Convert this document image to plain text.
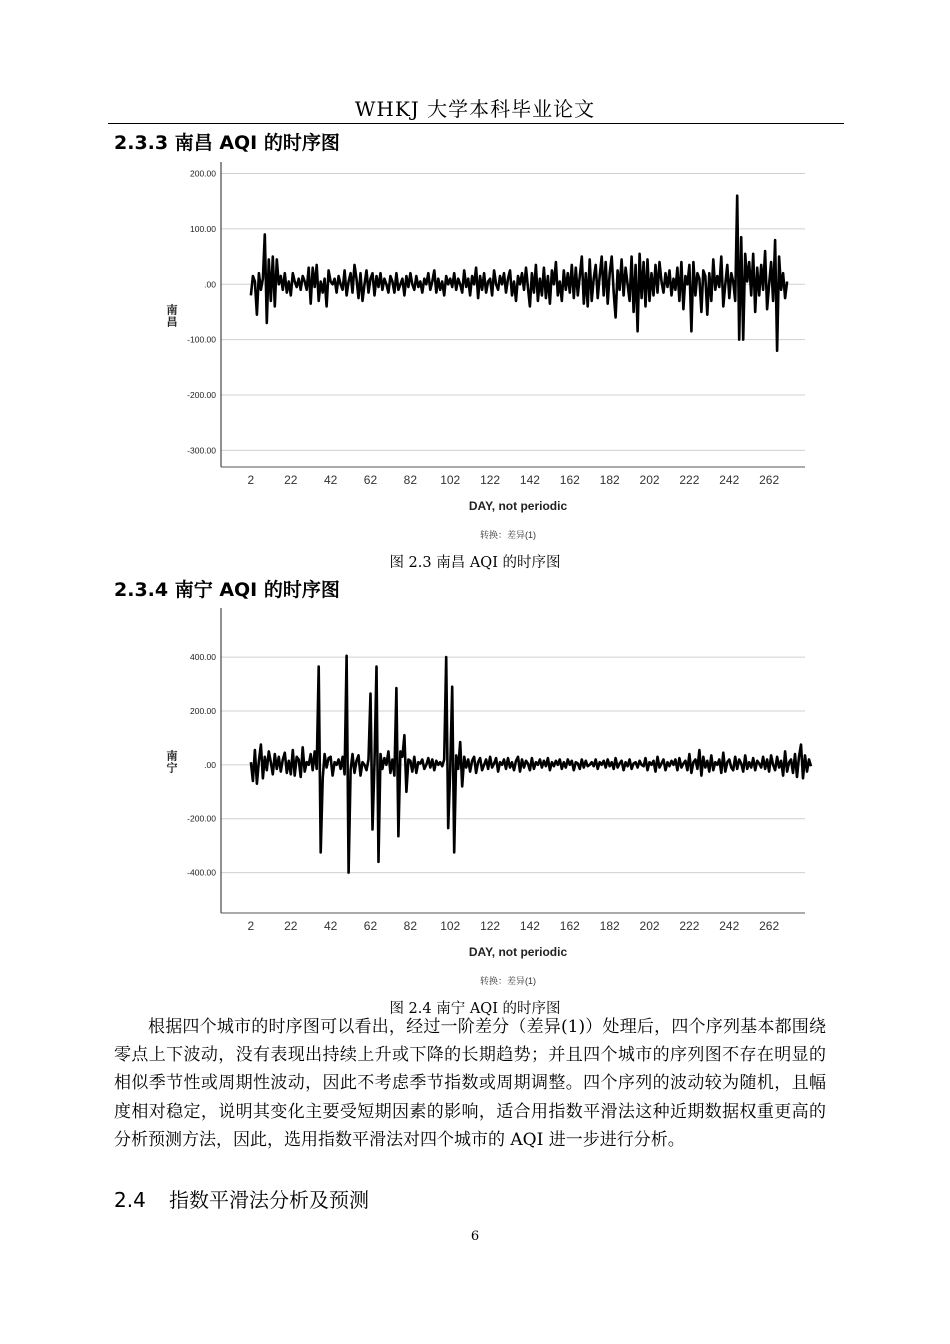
WHKJ 大学本科毕业论文
2.3.3 南昌 AQI 的时序图
200.00
100.00
.00
-100.00
-200.00
-300.00
2 22 42 62 82 102 122 142 162 182 202 222 242 262
DAY, not periodic
南
昌
转换：差异(1)
图 2.3 南昌 AQI 的时序图
2.3.4 南宁 AQI 的时序图
400.00
200.00
.00
-200.00
-400.00
2 22 42 62 82 102 122 142 162 182 202 222 242 262
DAY, not periodic
南
宁
转换：差异(1)
图 2.4 南宁 AQI 的时序图
根据四个城市的时序图可以看出，经过一阶差分（差异(1)）处理后，四个序列基本都围绕零点上下波动，没有表现出持续上升或下降的长期趋势；并且四个城市的序列图不存在明显的相似季节性或周期性波动，因此不考虑季节指数或周期调整。四个序列的波动较为随机，且幅度相对稳定，说明其变化主要受短期因素的影响，适合用指数平滑法这种近期数据权重更高的分析预测方法，因此，选用指数平滑法对四个城市的 AQI 进一步进行分析。
2.4 指数平滑法分析及预测
6
